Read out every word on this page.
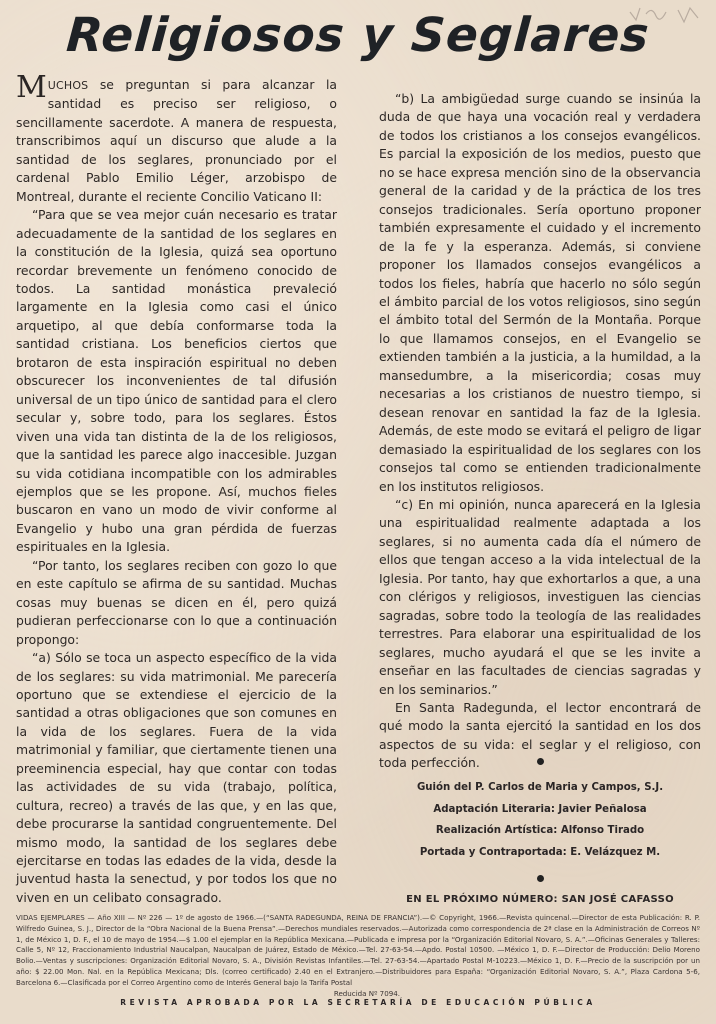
Religiosos y Seglares

MUCHOS se preguntan si para alcanzar la santidad es preciso ser religioso, o sencillamente sacerdote. A manera de respuesta, transcribimos aquí un discurso que alude a la santidad de los seglares, pronunciado por el cardenal Pablo Emilio Léger, arzobispo de Montreal, durante el reciente Concilio Vaticano II:

“Para que se vea mejor cuán necesario es tratar adecuadamente de la santidad de los seglares en la constitución de la Iglesia, quizá sea oportuno recordar brevemente un fenómeno conocido de todos. La santidad monástica prevaleció largamente en la Iglesia como casi el único arquetipo, al que debía conformarse toda la santidad cristiana. Los beneficios ciertos que brotaron de esta inspiración espiritual no deben obscurecer los inconvenientes de tal difusión universal de un tipo único de santidad para el clero secular y, sobre todo, para los seglares. Éstos viven una vida tan distinta de la de los religiosos, que la santidad les parece algo inaccesible. Juzgan su vida cotidiana incompatible con los admirables ejemplos que se les propone. Así, muchos fieles buscaron en vano un modo de vivir conforme al Evangelio y hubo una gran pérdida de fuerzas espirituales en la Iglesia.

“Por tanto, los seglares reciben con gozo lo que en este capítulo se afirma de su santidad. Muchas cosas muy buenas se dicen en él, pero quizá pudieran perfeccionarse con lo que a continuación propongo:

“a) Sólo se toca un aspecto específico de la vida de los seglares: su vida matrimonial. Me parecería oportuno que se extendiese el ejercicio de la santidad a otras obligaciones que son comunes en la vida de los seglares. Fuera de la vida matrimonial y familiar, que ciertamente tienen una preeminencia especial, hay que contar con todas las actividades de su vida (trabajo, política, cultura, recreo) a través de las que, y en las que, debe procurarse la santidad congruentemente. Del mismo modo, la santidad de los seglares debe ejercitarse en todas las edades de la vida, desde la juventud hasta la senectud, y por todos los que no viven en un celibato consagrado.

“b) La ambigüedad surge cuando se insinúa la duda de que haya una vocación real y verdadera de todos los cristianos a los consejos evangélicos. Es parcial la exposición de los medios, puesto que no se hace expresa mención sino de la observancia general de la caridad y de la práctica de los tres consejos tradicionales. Sería oportuno proponer también expresamente el cuidado y el incremento de la fe y la esperanza. Además, si conviene proponer los llamados consejos evangélicos a todos los fieles, habría que hacerlo no sólo según el ámbito parcial de los votos religiosos, sino según el ámbito total del Sermón de la Montaña. Porque lo que llamamos consejos, en el Evangelio se extienden también a la justicia, a la humildad, a la mansedumbre, a la misericordia; cosas muy necesarias a los cristianos de nuestro tiempo, si desean renovar en santidad la faz de la Iglesia. Además, de este modo se evitará el peligro de ligar demasiado la espiritualidad de los seglares con los consejos tal como se entienden tradicionalmente en los institutos religiosos.

“c) En mi opinión, nunca aparecerá en la Iglesia una espiritualidad realmente adaptada a los seglares, si no aumenta cada día el número de ellos que tengan acceso a la vida intelectual de la Iglesia. Por tanto, hay que exhortarlos a que, a una con clérigos y religiosos, investiguen las ciencias sagradas, sobre todo la teología de las realidades terrestres. Para elaborar una espiritualidad de los seglares, mucho ayudará el que se les invite a enseñar en las facultades de ciencias sagradas y en los seminarios.”

En Santa Radegunda, el lector encontrará de qué modo la santa ejercitó la santidad en los dos aspectos de su vida: el seglar y el religioso, con toda perfección.

Guión del P. Carlos de Maria y Campos, S.J.
Adaptación Literaria: Javier Peñalosa
Realización Artística: Alfonso Tirado
Portada y Contraportada: E. Velázquez M.
EN EL PRÓXIMO NÚMERO: SAN JOSÉ CAFASSO
VIDAS EJEMPLARES — Año XIII — Nº 226 — 1º de agosto de 1966.—(“SANTA RADEGUNDA, REINA DE FRANCIA”).—© Copyright, 1966.—Revista quincenal.—Director de esta Publicación: R. P. Wilfredo Guinea, S. J., Director de la “Obra Nacional de la Buena Prensa”.—Derechos mundiales reservados.—Autorizada como correspondencia de 2ª clase en la Administración de Correos Nº 1, de México 1, D. F., el 10 de mayo de 1954.—$ 1.00 el ejemplar en la República Mexicana.—Publicada e impresa por la “Organización Editorial Novaro, S. A.”.—Oficinas Generales y Talleres: Calle 5, Nº 12, Fraccionamiento Industrial Naucalpan, Naucalpan de Juárez, Estado de México.—Tel. 27-63-54.—Apdo. Postal 10500. —México 1, D. F.—Director de Producción: Delio Moreno Bolio.—Ventas y suscripciones: Organización Editorial Novaro, S. A., División Revistas Infantiles.—Tel. 27-63-54.—Apartado Postal M-10223.—México 1, D. F.—Precio de la suscripción por un año: $ 22.00 Mon. Nal. en la República Mexicana; Dls. (correo certificado) 2.40 en el Extranjero.—Distribuidores para España: “Organización Editorial Novaro, S. A.”, Plaza Cardona 5-6, Barcelona 6.—Clasificada por el Correo Argentino como de Interés General bajo la Tarifa Postal
Reducida Nº 7094.
REVISTA APROBADA POR LA SECRETARÍA DE EDUCACIÓN PÚBLICA
